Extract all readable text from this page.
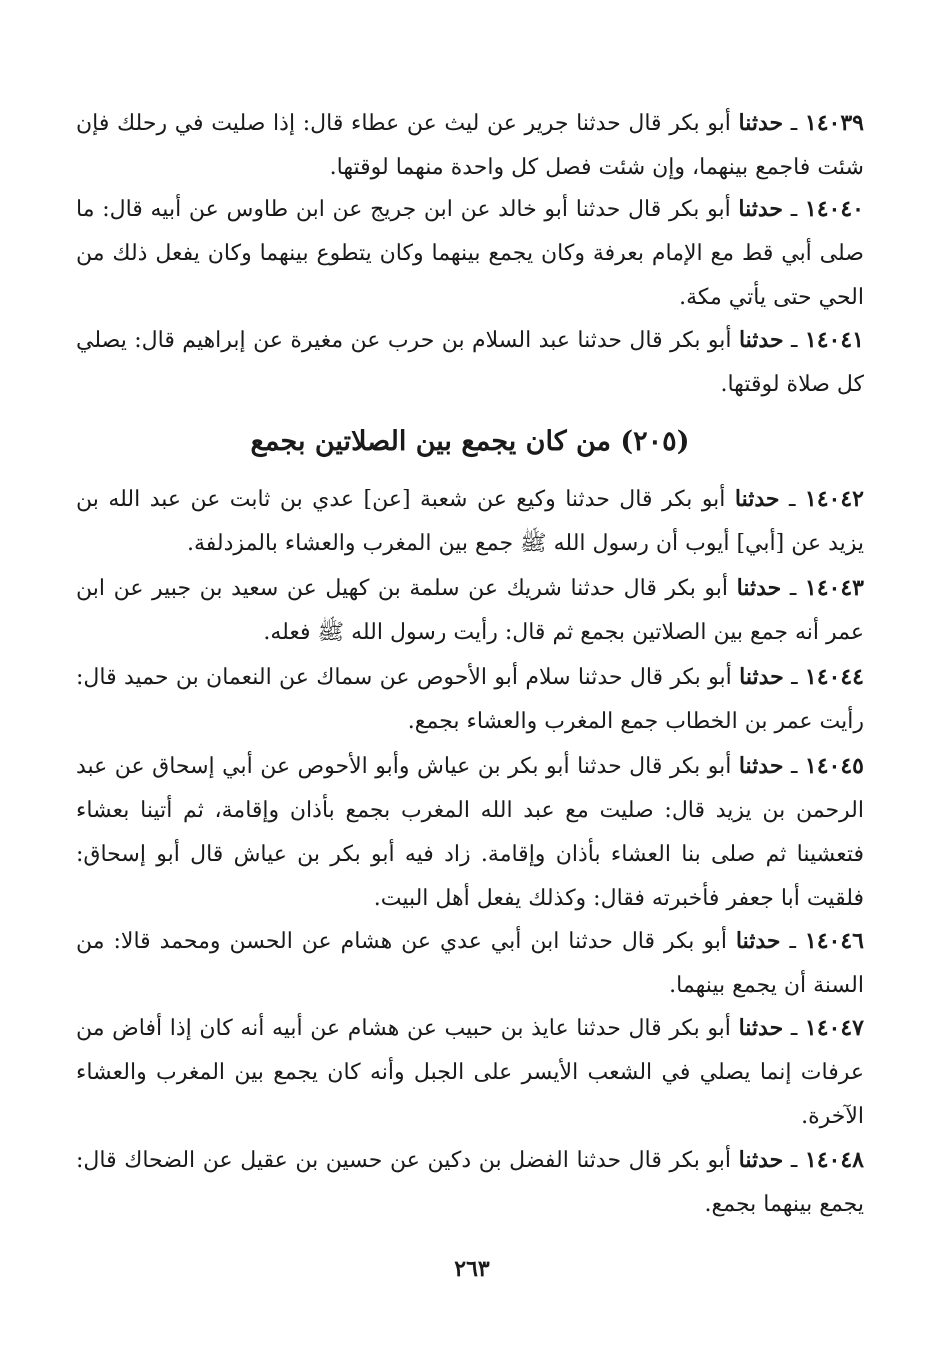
١٤٠٣٩ ـ حدثنا أبو بكر قال حدثنا جرير عن ليث عن عطاء قال: إذا صليت في رحلك فإن شئت فاجمع بينهما، وإن شئت فصل كل واحدة منهما لوقتها.

١٤٠٤٠ ـ حدثنا أبو بكر قال حدثنا أبو خالد عن ابن جريج عن ابن طاوس عن أبيه قال: ما صلى أبي قط مع الإمام بعرفة وكان يجمع بينهما وكان يتطوع بينهما وكان يفعل ذلك من الحي حتى يأتي مكة.

١٤٠٤١ ـ حدثنا أبو بكر قال حدثنا عبد السلام بن حرب عن مغيرة عن إبراهيم قال: يصلي كل صلاة لوقتها.

(٢٠٥) من كان يجمع بين الصلاتين بجمع

١٤٠٤٢ ـ حدثنا أبو بكر قال حدثنا وكيع عن شعبة [عن] عدي بن ثابت عن عبد الله بن يزيد عن [أبي] أيوب أن رسول الله ﷺ جمع بين المغرب والعشاء بالمزدلفة.

١٤٠٤٣ ـ حدثنا أبو بكر قال حدثنا شريك عن سلمة بن كهيل عن سعيد بن جبير عن ابن عمر أنه جمع بين الصلاتين بجمع ثم قال: رأيت رسول الله ﷺ فعله.

١٤٠٤٤ ـ حدثنا أبو بكر قال حدثنا سلام أبو الأحوص عن سماك عن النعمان بن حميد قال: رأيت عمر بن الخطاب جمع المغرب والعشاء بجمع.

١٤٠٤٥ ـ حدثنا أبو بكر قال حدثنا أبو بكر بن عياش وأبو الأحوص عن أبي إسحاق عن عبد الرحمن بن يزيد قال: صليت مع عبد الله المغرب بجمع بأذان وإقامة، ثم أتينا بعشاء فتعشينا ثم صلى بنا العشاء بأذان وإقامة. زاد فيه أبو بكر بن عياش قال أبو إسحاق: فلقيت أبا جعفر فأخبرته فقال: وكذلك يفعل أهل البيت.

١٤٠٤٦ ـ حدثنا أبو بكر قال حدثنا ابن أبي عدي عن هشام عن الحسن ومحمد قالا: من السنة أن يجمع بينهما.

١٤٠٤٧ ـ حدثنا أبو بكر قال حدثنا عايذ بن حبيب عن هشام عن أبيه أنه كان إذا أفاض من عرفات إنما يصلي في الشعب الأيسر على الجبل وأنه كان يجمع بين المغرب والعشاء الآخرة.

١٤٠٤٨ ـ حدثنا أبو بكر قال حدثنا الفضل بن دكين عن حسين بن عقيل عن الضحاك قال: يجمع بينهما بجمع.

٢٦٣
